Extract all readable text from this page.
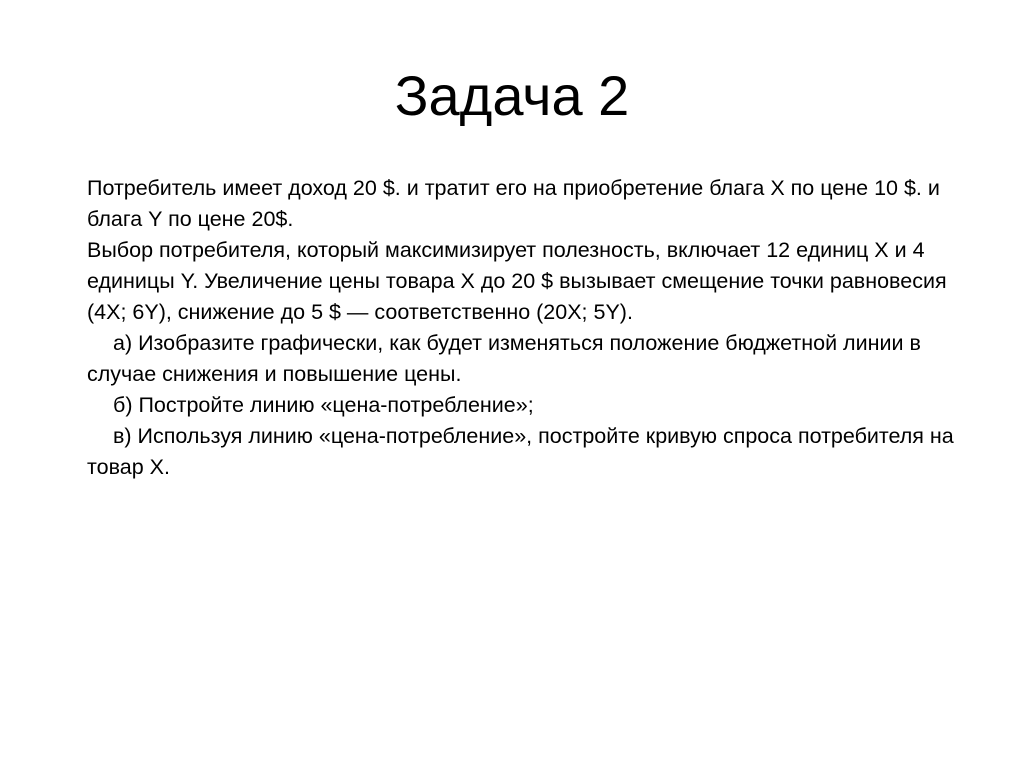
Задача 2

Потребитель имеет доход 20 $. и тратит его на приобретение блага X по цене 10 $. и блага Y по цене 20$.

Выбор потребителя, который максимизирует полезность, включает 12 единиц X и 4 единицы Y. Увеличение цены товара X до 20 $ вызывает смещение точки равновесия (4X; 6Y), снижение до 5 $ — соответственно (20X; 5Y).

а) Изобразите графически, как будет изменяться положение бюджетной линии в случае снижения и повышение цены.

б) Постройте линию «цена-потребление»;

в) Используя линию «цена-потребление», постройте кривую спроса потребителя на товар X.
